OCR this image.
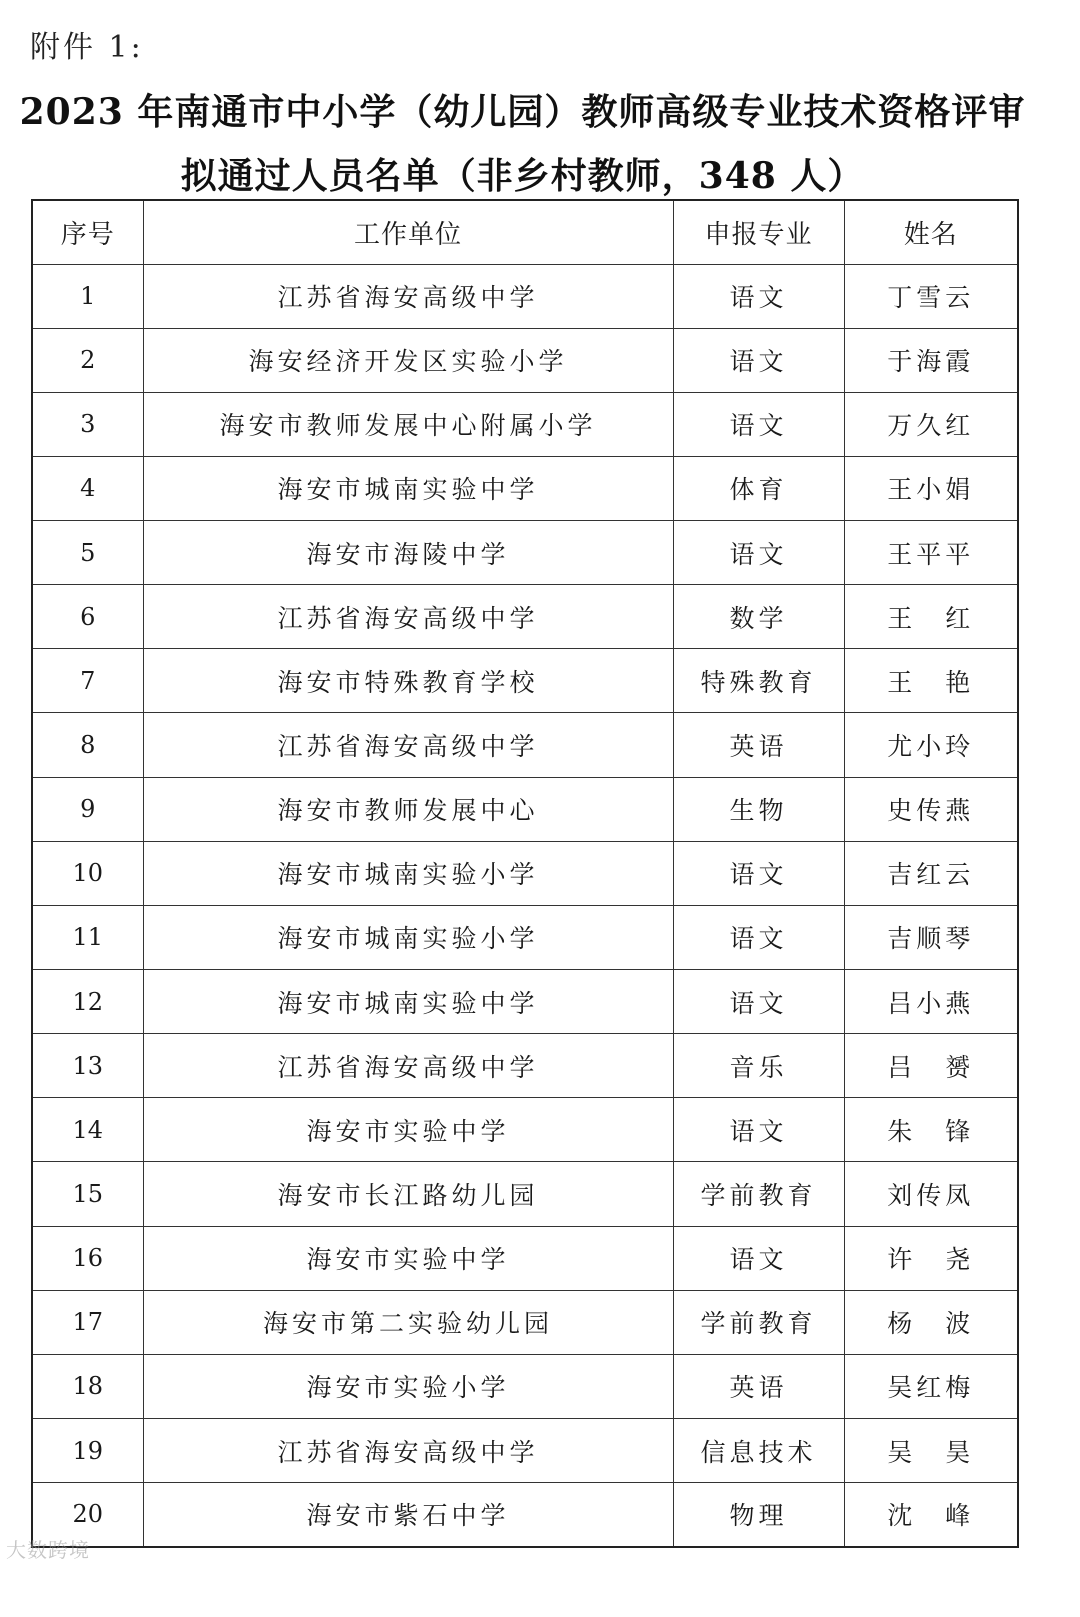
附件 1:
2023 年南通市中小学（幼儿园）教师高级专业技术资格评审
拟通过人员名单（非乡村教师，348 人）
序号	工作单位	申报专业	姓名
1	江苏省海安高级中学	语文	丁雪云
2	海安经济开发区实验小学	语文	于海霞
3	海安市教师发展中心附属小学	语文	万久红
4	海安市城南实验中学	体育	王小娟
5	海安市海陵中学	语文	王平平
6	江苏省海安高级中学	数学	王　红
7	海安市特殊教育学校	特殊教育	王　艳
8	江苏省海安高级中学	英语	尤小玲
9	海安市教师发展中心	生物	史传燕
10	海安市城南实验小学	语文	吉红云
11	海安市城南实验小学	语文	吉顺琴
12	海安市城南实验中学	语文	吕小燕
13	江苏省海安高级中学	音乐	吕　赟
14	海安市实验中学	语文	朱　锋
15	海安市长江路幼儿园	学前教育	刘传凤
16	海安市实验中学	语文	许　尧
17	海安市第二实验幼儿园	学前教育	杨　波
18	海安市实验小学	英语	吴红梅
19	江苏省海安高级中学	信息技术	吴　昊
20	海安市紫石中学	物理	沈　峰
大数跨境
